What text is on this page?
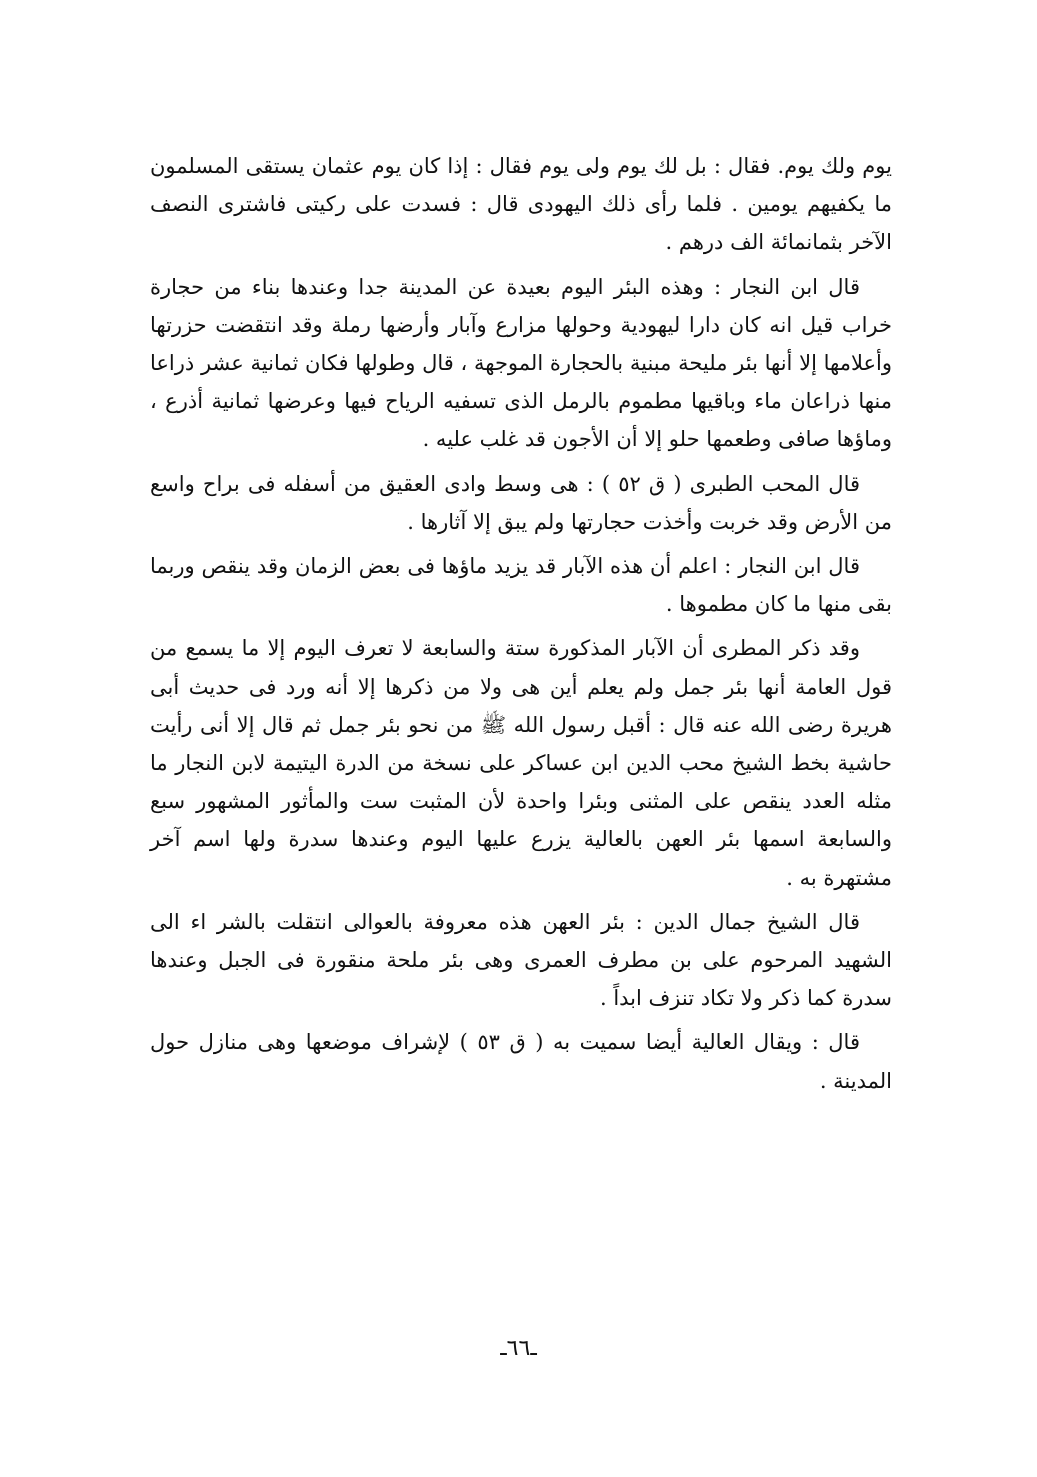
يوم ولك يوم. فقال : بل لك يوم ولى يوم فقال : إذا كان يوم عثمان يستقى المسلمون ما يكفيهم يومين . فلما رأى ذلك اليهودى قال : فسدت على ركيتى فاشترى النصف الآخر بثمانمائة الف درهم .

قال ابن النجار : وهذه البئر اليوم بعيدة عن المدينة جدا وعندها بناء من حجارة خراب قيل انه كان دارا ليهودية وحولها مزارع وآبار وأرضها رملة وقد انتقضت حزرتها وأعلامها إلا أنها بئر مليحة مبنية بالحجارة الموجهة ، قال وطولها فكان ثمانية عشر ذراعا منها ذراعان ماء وباقيها مطموم بالرمل الذى تسفيه الرياح فيها وعرضها ثمانية أذرع ، وماؤها صافى وطعمها حلو إلا أن الأجون قد غلب عليه .

قال المحب الطبرى ( ق ٥٢ ) : هى وسط وادى العقيق من أسفله فى براح واسع من الأرض وقد خربت وأخذت حجارتها ولم يبق إلا آثارها .

قال ابن النجار : اعلم أن هذه الآبار قد يزيد ماؤها فى بعض الزمان وقد ينقص وربما بقى منها ما كان مطموها .

وقد ذكر المطرى أن الآبار المذكورة ستة والسابعة لا تعرف اليوم إلا ما يسمع من قول العامة أنها بئر جمل ولم يعلم أين هى ولا من ذكرها إلا أنه ورد فى حديث أبى هريرة رضى الله عنه قال : أقبل رسول الله ﷺ من نحو بئر جمل ثم قال إلا أنى رأيت حاشية بخط الشيخ محب الدين ابن عساكر على نسخة من الدرة اليتيمة لابن النجار ما مثله العدد ينقص على المثنى وبئرا واحدة لأن المثبت ست والمأثور المشهور سبع والسابعة اسمها بئر العهن بالعالية يزرع عليها اليوم وعندها سدرة ولها اسم آخر مشتهرة به .

قال الشيخ جمال الدين : بئر العهن هذه معروفة بالعوالى انتقلت بالشر اء الى الشهيد المرحوم على بن مطرف العمرى وهى بئر ملحة منقورة فى الجبل وعندها سدرة كما ذكر ولا تكاد تنزف ابداً .

قال : ويقال العالية أيضا سميت به ( ق ٥٣ ) لإشراف موضعها وهى منازل حول المدينة .

ـ٦٦ـ
